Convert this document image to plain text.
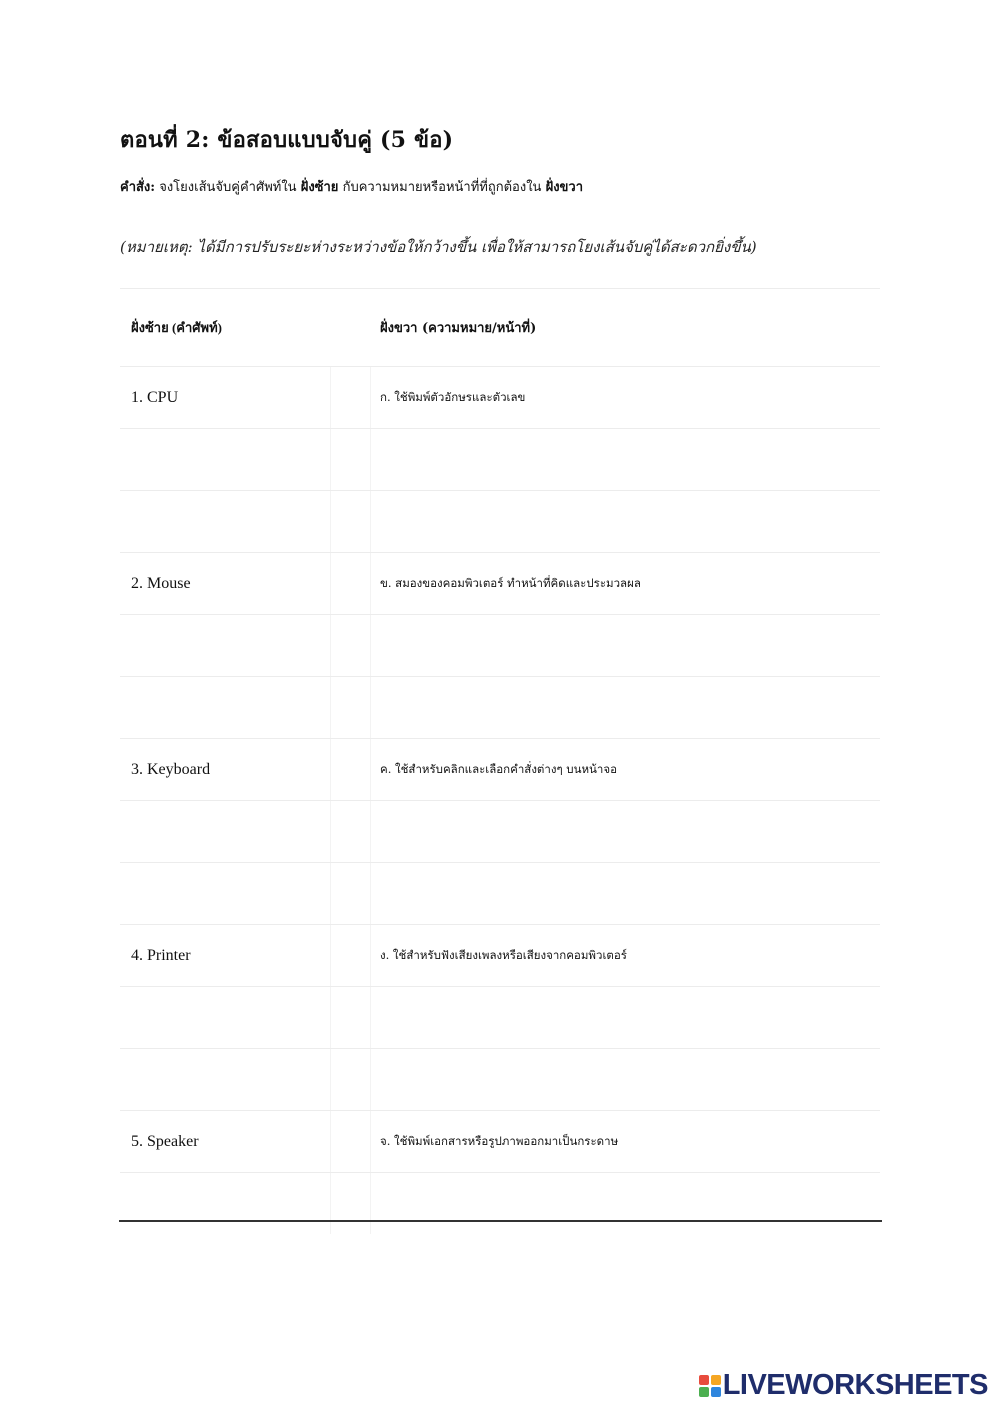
ตอนที่ 2: ข้อสอบแบบจับคู่ (5 ข้อ)
คำสั่ง: จงโยงเส้นจับคู่คำศัพท์ใน ฝั่งซ้าย กับความหมายหรือหน้าที่ที่ถูกต้องใน ฝั่งขวา
(หมายเหตุ: ได้มีการปรับระยะห่างระหว่างข้อให้กว้างขึ้น เพื่อให้สามารถโยงเส้นจับคู่ได้สะดวกยิ่งขึ้น)
ฝั่งซ้าย (คำศัพท์)	ฝั่งขวา (ความหมาย/หน้าที่)
1. CPU	ก. ใช้พิมพ์ตัวอักษรและตัวเลข
2. Mouse	ข. สมองของคอมพิวเตอร์ ทำหน้าที่คิดและประมวลผล
3. Keyboard	ค. ใช้สำหรับคลิกและเลือกคำสั่งต่างๆ บนหน้าจอ
4. Printer	ง. ใช้สำหรับฟังเสียงเพลงหรือเสียงจากคอมพิวเตอร์
5. Speaker	จ. ใช้พิมพ์เอกสารหรือรูปภาพออกมาเป็นกระดาษ
LIVEWORKSHEETS
